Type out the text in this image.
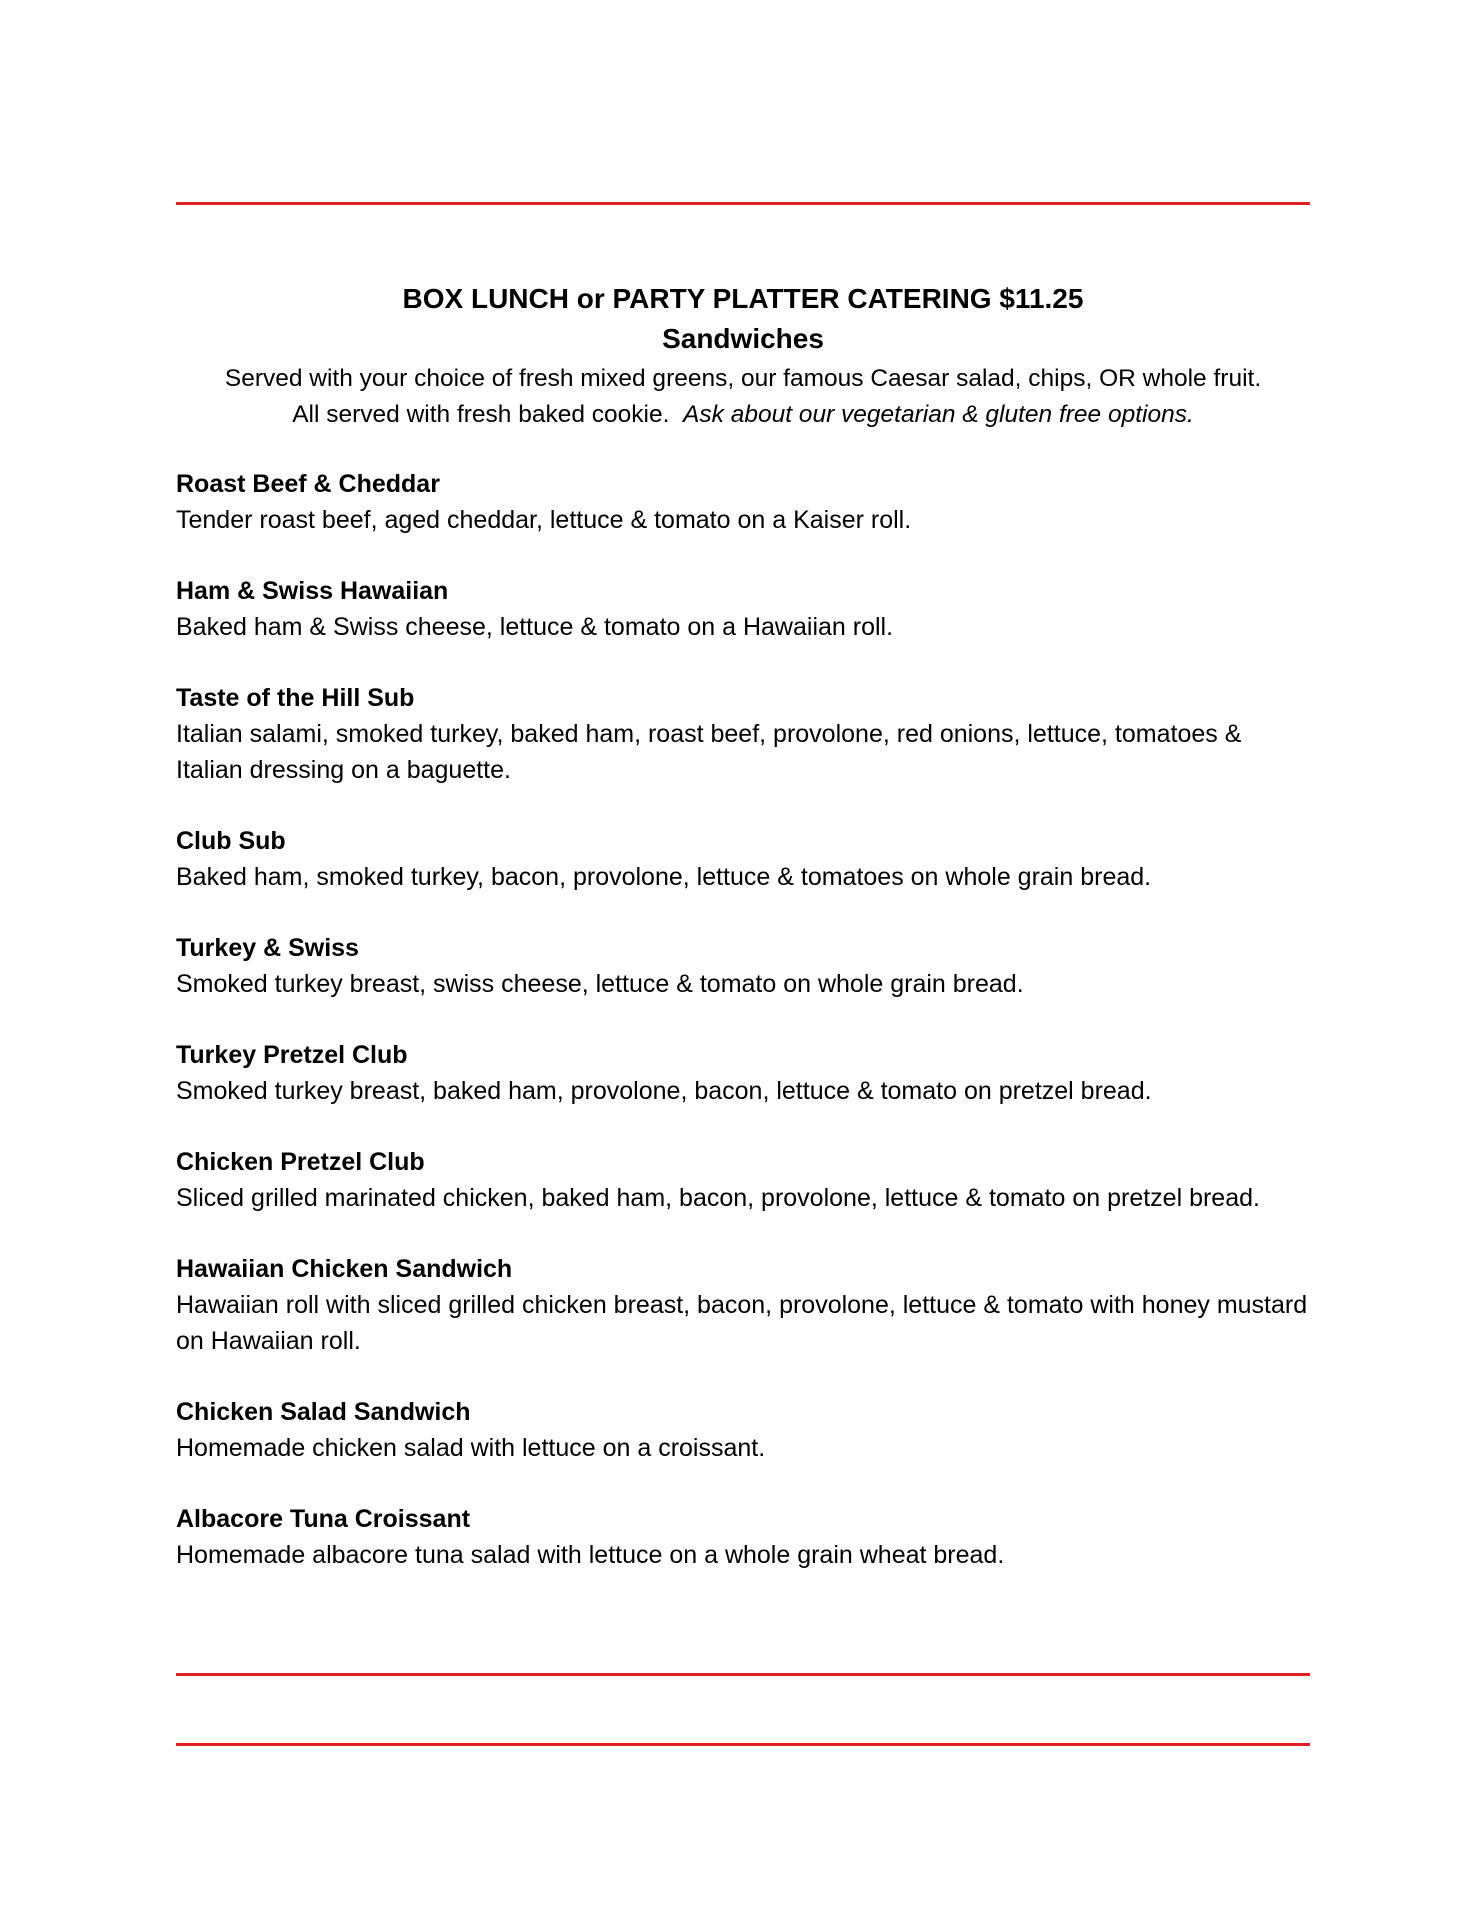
BOX LUNCH or PARTY PLATTER CATERING $11.25

Sandwiches

Served with your choice of fresh mixed greens, our famous Caesar salad, chips, OR whole fruit.
All served with fresh baked cookie. Ask about our vegetarian & gluten free options.

Roast Beef & Cheddar

Tender roast beef, aged cheddar, lettuce & tomato on a Kaiser roll.

Ham & Swiss Hawaiian

Baked ham & Swiss cheese, lettuce & tomato on a Hawaiian roll.

Taste of the Hill Sub

Italian salami, smoked turkey, baked ham, roast beef, provolone, red onions, lettuce, tomatoes & Italian dressing on a baguette.

Club Sub

Baked ham, smoked turkey, bacon, provolone, lettuce & tomatoes on whole grain bread.

Turkey & Swiss

Smoked turkey breast, swiss cheese, lettuce & tomato on whole grain bread.

Turkey Pretzel Club

Smoked turkey breast, baked ham, provolone, bacon, lettuce & tomato on pretzel bread.

Chicken Pretzel Club

Sliced grilled marinated chicken, baked ham, bacon, provolone, lettuce & tomato on pretzel bread.

Hawaiian Chicken Sandwich

Hawaiian roll with sliced grilled chicken breast, bacon, provolone, lettuce & tomato with honey mustard on Hawaiian roll.

Chicken Salad Sandwich

Homemade chicken salad with lettuce on a croissant.

Albacore Tuna Croissant

Homemade albacore tuna salad with lettuce on a whole grain wheat bread.
